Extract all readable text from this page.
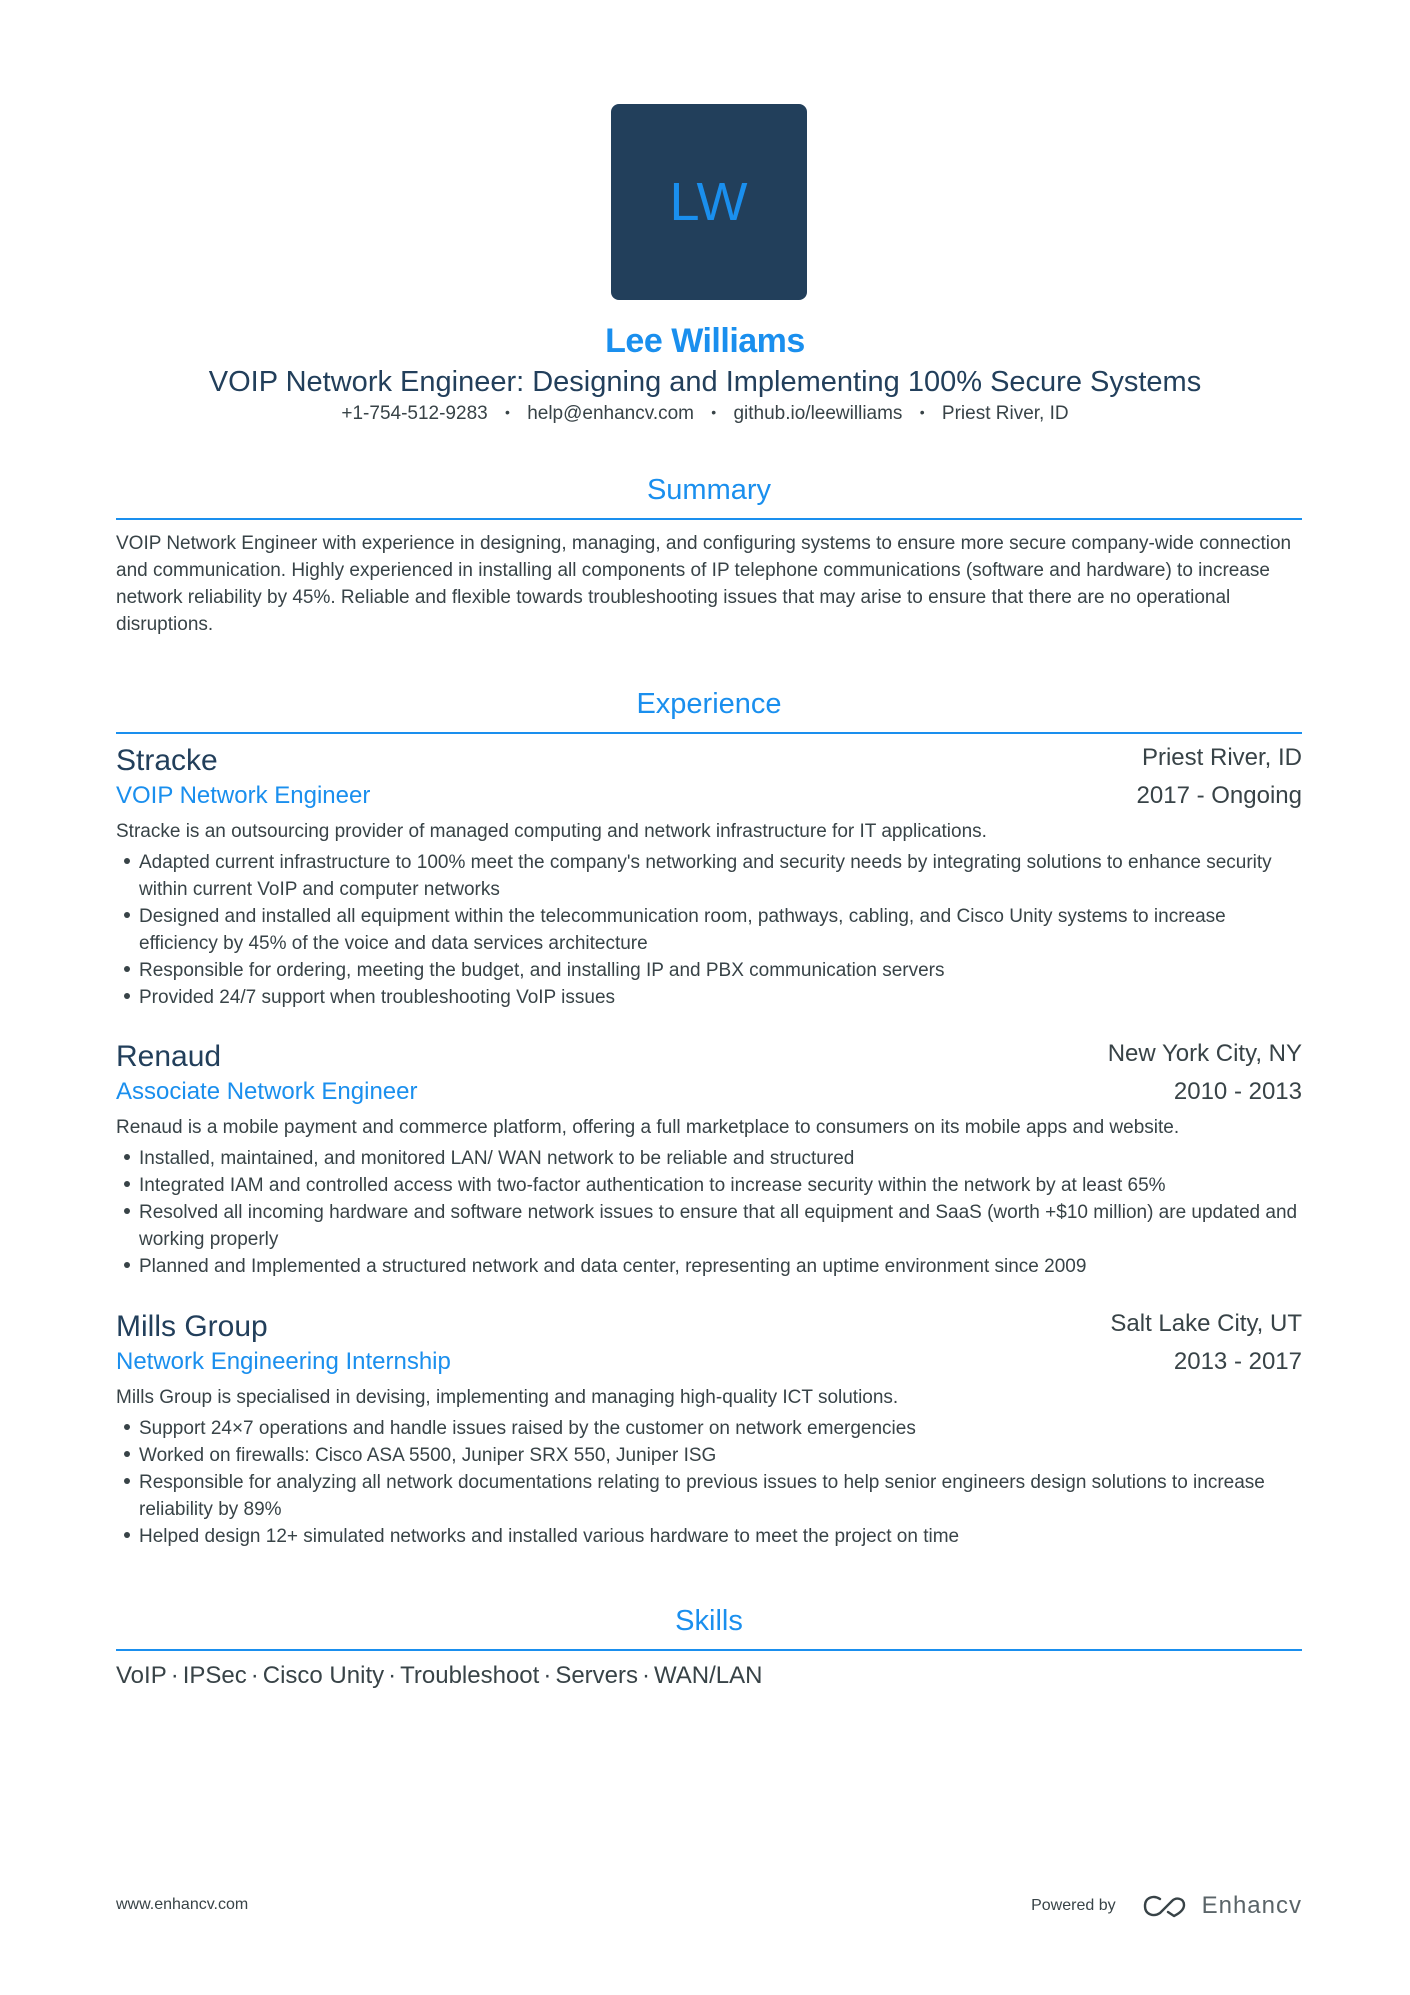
LW
Lee Williams
VOIP Network Engineer: Designing and Implementing 100% Secure Systems
+1-754-512-9283 • help@enhancv.com • github.io/leewilliams • Priest River, ID
Summary
VOIP Network Engineer with experience in designing, managing, and configuring systems to ensure more secure company-wide connection and communication. Highly experienced in installing all components of IP telephone communications (software and hardware) to increase network reliability by 45%. Reliable and flexible towards troubleshooting issues that may arise to ensure that there are no operational disruptions.
Experience
Stracke	Priest River, ID
VOIP Network Engineer	2017 - Ongoing
Stracke is an outsourcing provider of managed computing and network infrastructure for IT applications.
Adapted current infrastructure to 100% meet the company's networking and security needs by integrating solutions to enhance security within current VoIP and computer networks
Designed and installed all equipment within the telecommunication room, pathways, cabling, and Cisco Unity systems to increase efficiency by 45% of the voice and data services architecture
Responsible for ordering, meeting the budget, and installing IP and PBX communication servers
Provided 24/7 support when troubleshooting VoIP issues
Renaud	New York City, NY
Associate Network Engineer	2010 - 2013
Renaud is a mobile payment and commerce platform, offering a full marketplace to consumers on its mobile apps and website.
Installed, maintained, and monitored LAN/ WAN network to be reliable and structured
Integrated IAM and controlled access with two-factor authentication to increase security within the network by at least 65%
Resolved all incoming hardware and software network issues to ensure that all equipment and SaaS (worth +$10 million) are updated and working properly
Planned and Implemented a structured network and data center, representing an uptime environment since 2009
Mills Group	Salt Lake City, UT
Network Engineering Internship	2013 - 2017
Mills Group is specialised in devising, implementing and managing high-quality ICT solutions.
Support 24×7 operations and handle issues raised by the customer on network emergencies
Worked on firewalls: Cisco ASA 5500, Juniper SRX 550, Juniper ISG
Responsible for analyzing all network documentations relating to previous issues to help senior engineers design solutions to increase reliability by 89%
Helped design 12+ simulated networks and installed various hardware to meet the project on time
Skills
VoIP · IPSec · Cisco Unity · Troubleshoot · Servers · WAN/LAN
www.enhancv.com	Powered by	Enhancv
